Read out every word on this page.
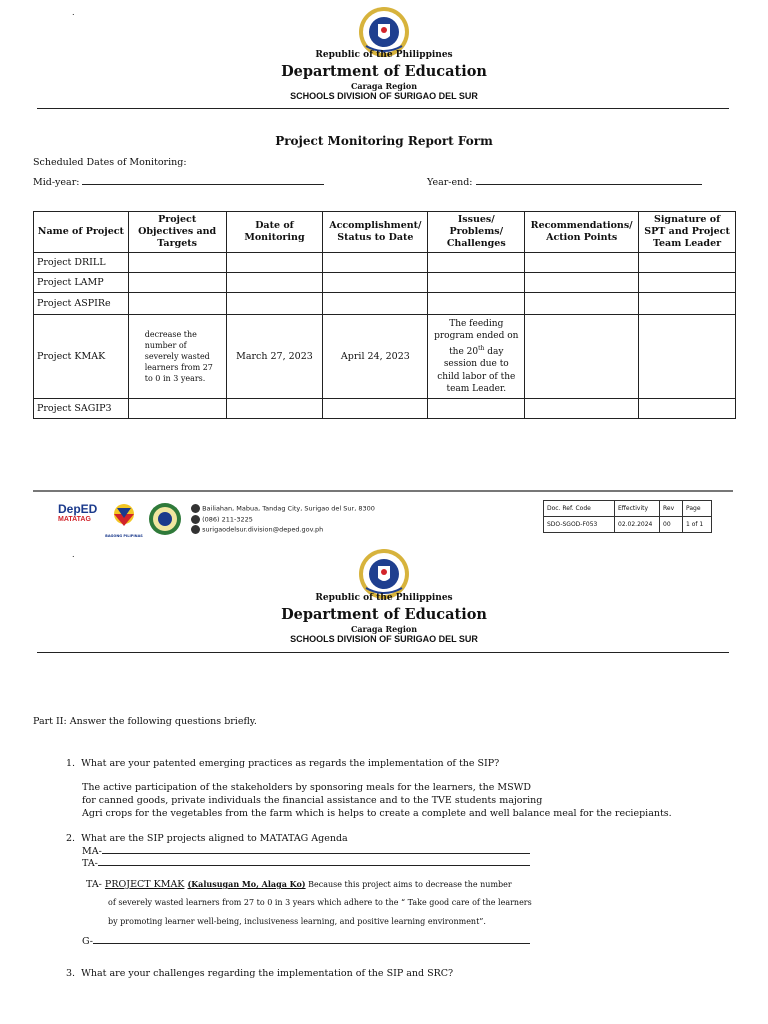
.
Republic of the Philippines
Department of Education
Caraga Region
SCHOOLS DIVISION OF SURIGAO DEL SUR
Project Monitoring Report Form
Scheduled Dates of Monitoring:
Mid-year:	Year-end:
Name of Project	Project Objectives and Targets	Date of Monitoring	Accomplishment/ Status to Date	Issues/ Problems/ Challenges	Recommendations/ Action Points	Signature of SPT and Project Team Leader
Project DRILL						
Project LAMP						
Project ASPIRe						
Project KMAK	decrease the number of severely wasted learners from 27 to 0 in 3 years.	March 27, 2023	April 24, 2023	The feeding program ended on the 20th day session due to child labor of the team Leader.		
Project SAGIP3						
DepED
MATATAG
BAGONG PILIPINAS
Bailiahan, Mabua, Tandag City, Surigao del Sur, 8300
(086) 211-3225
surigaodelsur.division@deped.gov.ph
Doc. Ref. Code	Effectivity	Rev	Page
SDO-SGOD-F053	02.02.2024	00	1 of 1
.
Republic of the Philippines
Department of Education
Caraga Region
SCHOOLS DIVISION OF SURIGAO DEL SUR
Part II: Answer the following questions briefly.
1. What are your patented emerging practices as regards the implementation of the SIP?
The active participation of the stakeholders by sponsoring meals for the learners, the MSWD
for canned goods, private individuals the financial assistance and to the TVE students majoring
Agri crops for the vegetables from the farm which is helps to create a complete and well balance meal for the reciepiants.
2. What are the SIP projects aligned to MATATAG Agenda
MA-
TA-
TA- PROJECT KMAK (Kalusugan Mo, Alaga Ko) Because this project aims to decrease the number
of severely wasted learners from 27 to 0 in 3 years which adhere to the “ Take good care of the learners
by promoting learner well-being, inclusiveness learning, and positive learning environment”.
G-
3. What are your challenges regarding the implementation of the SIP and SRC?
